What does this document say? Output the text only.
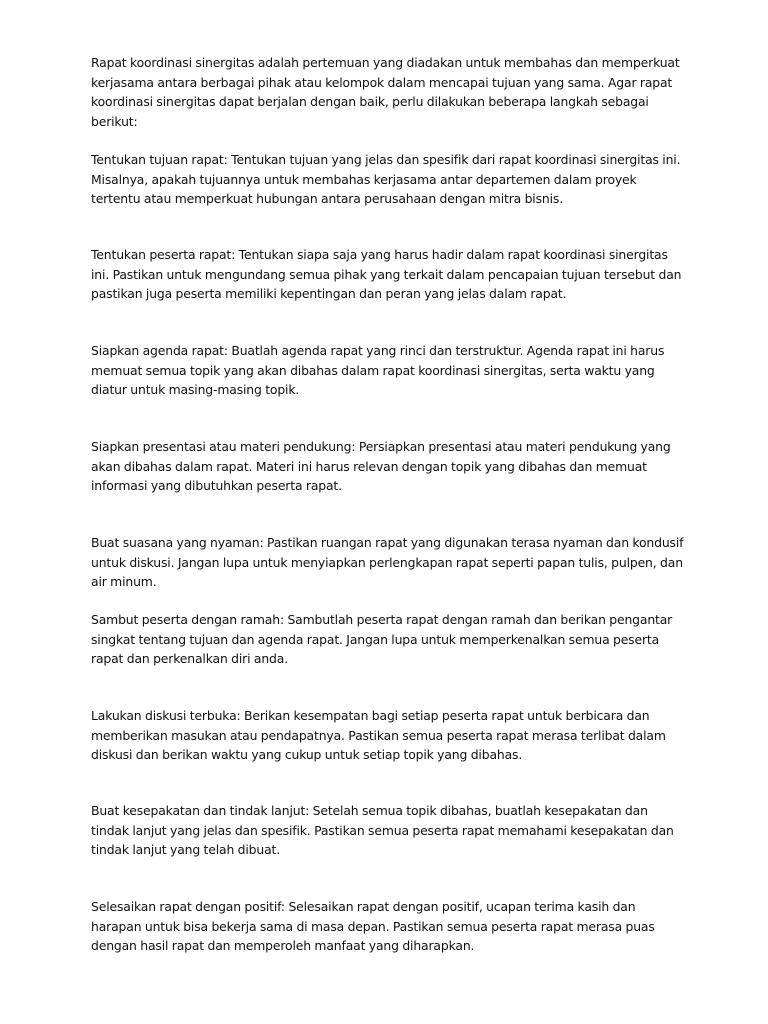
Rapat koordinasi sinergitas adalah pertemuan yang diadakan untuk membahas dan memperkuat kerjasama antara berbagai pihak atau kelompok dalam mencapai tujuan yang sama. Agar rapat koordinasi sinergitas dapat berjalan dengan baik, perlu dilakukan beberapa langkah sebagai berikut:

Tentukan tujuan rapat: Tentukan tujuan yang jelas dan spesifik dari rapat koordinasi sinergitas ini. Misalnya, apakah tujuannya untuk membahas kerjasama antar departemen dalam proyek tertentu atau memperkuat hubungan antara perusahaan dengan mitra bisnis.

Tentukan peserta rapat: Tentukan siapa saja yang harus hadir dalam rapat koordinasi sinergitas ini. Pastikan untuk mengundang semua pihak yang terkait dalam pencapaian tujuan tersebut dan pastikan juga peserta memiliki kepentingan dan peran yang jelas dalam rapat.

Siapkan agenda rapat: Buatlah agenda rapat yang rinci dan terstruktur. Agenda rapat ini harus memuat semua topik yang akan dibahas dalam rapat koordinasi sinergitas, serta waktu yang diatur untuk masing-masing topik.

Siapkan presentasi atau materi pendukung: Persiapkan presentasi atau materi pendukung yang akan dibahas dalam rapat. Materi ini harus relevan dengan topik yang dibahas dan memuat informasi yang dibutuhkan peserta rapat.

Buat suasana yang nyaman: Pastikan ruangan rapat yang digunakan terasa nyaman dan kondusif untuk diskusi. Jangan lupa untuk menyiapkan perlengkapan rapat seperti papan tulis, pulpen, dan air minum.

Sambut peserta dengan ramah: Sambutlah peserta rapat dengan ramah dan berikan pengantar singkat tentang tujuan dan agenda rapat. Jangan lupa untuk memperkenalkan semua peserta rapat dan perkenalkan diri anda.

Lakukan diskusi terbuka: Berikan kesempatan bagi setiap peserta rapat untuk berbicara dan memberikan masukan atau pendapatnya. Pastikan semua peserta rapat merasa terlibat dalam diskusi dan berikan waktu yang cukup untuk setiap topik yang dibahas.

Buat kesepakatan dan tindak lanjut: Setelah semua topik dibahas, buatlah kesepakatan dan tindak lanjut yang jelas dan spesifik. Pastikan semua peserta rapat memahami kesepakatan dan tindak lanjut yang telah dibuat.

Selesaikan rapat dengan positif: Selesaikan rapat dengan positif, ucapan terima kasih dan harapan untuk bisa bekerja sama di masa depan. Pastikan semua peserta rapat merasa puas dengan hasil rapat dan memperoleh manfaat yang diharapkan.
